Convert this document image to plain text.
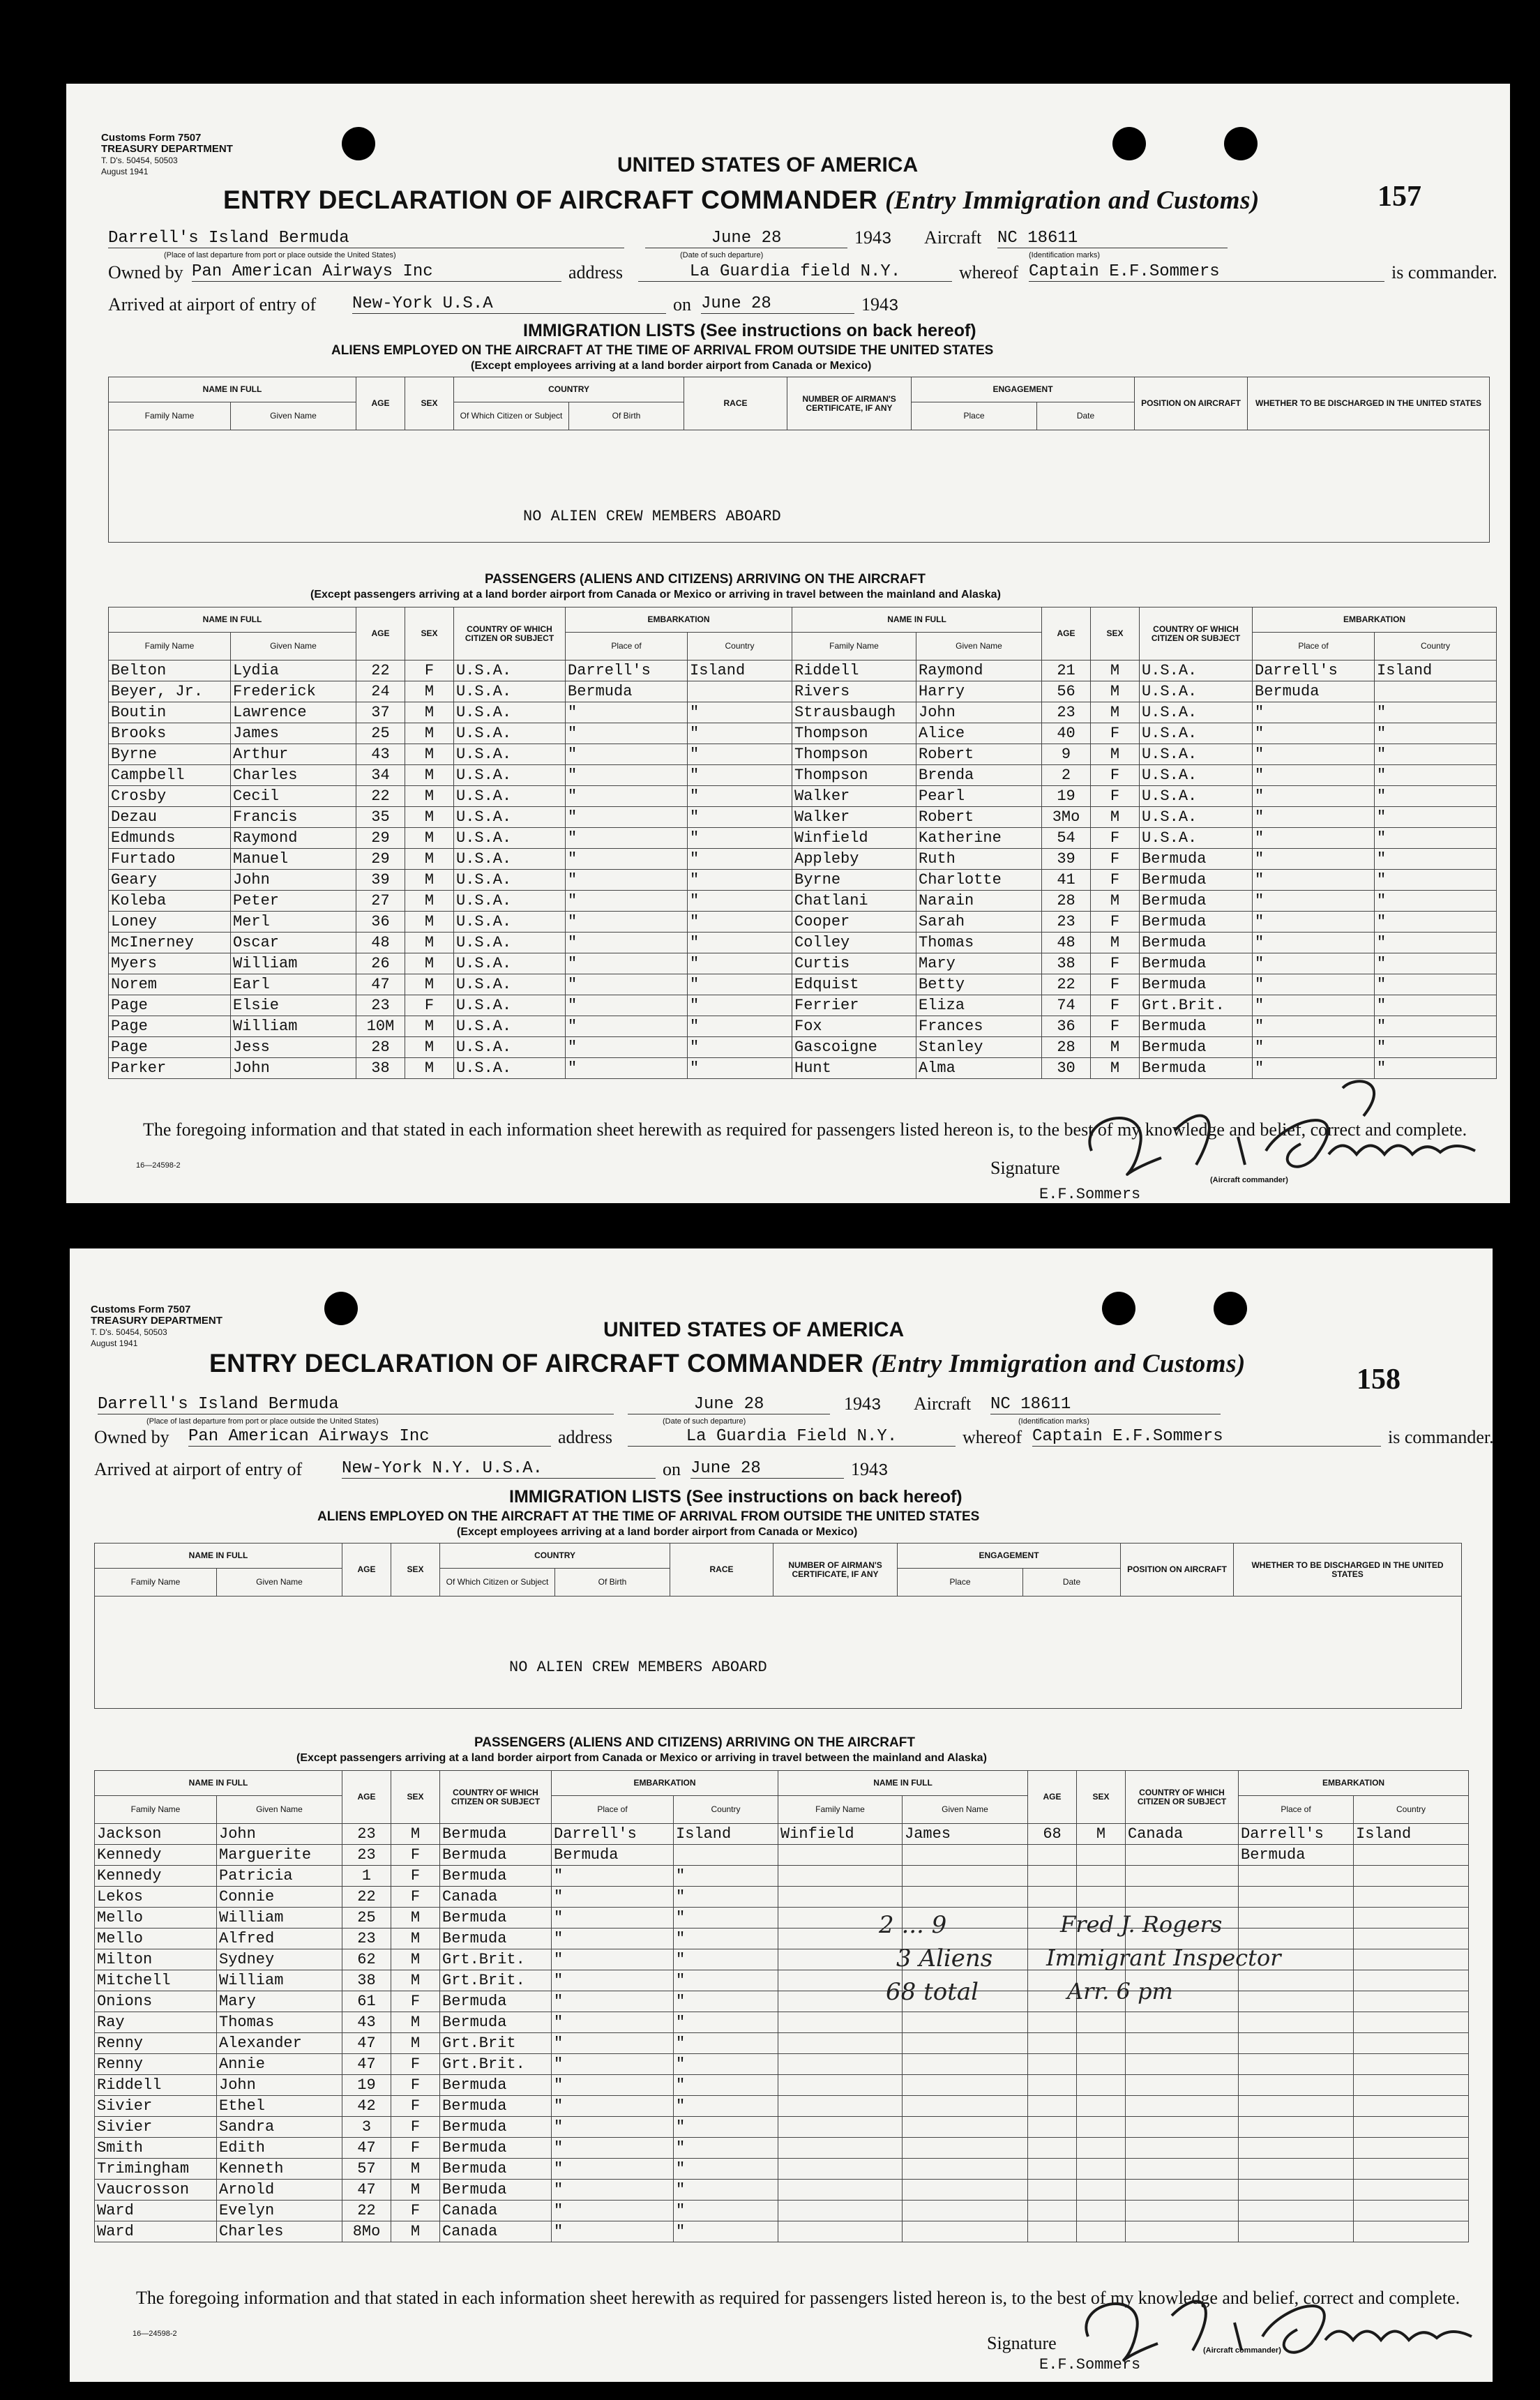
Customs Form 7507
TREASURY DEPARTMENT
T. D's. 50454, 50503
August 1941	UNITED STATES OF AMERICA
ENTRY DECLARATION OF AIRCRAFT COMMANDER (Entry Immigration and Customs)	157
Darrell's Island Bermuda
(Place of last departure from port or place outside the United States)
June 28
(Date of such departure)
1943 Aircraft NC 18611
(Identification marks)
Owned by Pan American Airways Inc	address	La Guardia field N.Y.	whereof Captain E.F.Sommers	is commander.
Arrived at airport of entry of New-York U.S.A	on June 28	1943
IMMIGRATION LISTS (See instructions on back hereof)
ALIENS EMPLOYED ON THE AIRCRAFT AT THE TIME OF ARRIVAL FROM OUTSIDE THE UNITED STATES
(Except employees arriving at a land border airport from Canada or Mexico)
NAME IN FULL		AGE	SEX	COUNTRY		RACE	NUMBER OF AIRMAN'S CERTIFICATE, IF ANY	ENGAGEMENT		POSITION ON AIRCRAFT	WHETHER TO BE DISCHARGED IN THE UNITED STATES
Family Name	Given Name			Of Which Citizen or Subject	Of Birth			Place	Date		

NO ALIEN CREW MEMBERS ABOARD
PASSENGERS (ALIENS AND CITIZENS) ARRIVING ON THE AIRCRAFT
(Except passengers arriving at a land border airport from Canada or Mexico or arriving in travel between the mainland and Alaska)
NAME IN FULL		AGE	SEX	COUNTRY OF WHICH CITIZEN OR SUBJECT	EMBARKATION		NAME IN FULL		AGE	SEX	COUNTRY OF WHICH CITIZEN OR SUBJECT	EMBARKATION	
Family Name	Given Name				Place of	Country	Family Name	Given Name				Place of	Country
Belton	Lydia	22	F	U.S.A.	Darrell's	Island	Riddell	Raymond	21	M	U.S.A.	Darrell's	Island
Beyer, Jr.	Frederick	24	M	U.S.A.	Bermuda		Rivers	Harry	56	M	U.S.A.	Bermuda	
Boutin	Lawrence	37	M	U.S.A.	"	"	Strausbaugh	John	23	M	U.S.A.	"	"
Brooks	James	25	M	U.S.A.	"	"	Thompson	Alice	40	F	U.S.A.	"	"
Byrne	Arthur	43	M	U.S.A.	"	"	Thompson	Robert	9	M	U.S.A.	"	"
Campbell	Charles	34	M	U.S.A.	"	"	Thompson	Brenda	2	F	U.S.A.	"	"
Crosby	Cecil	22	M	U.S.A.	"	"	Walker	Pearl	19	F	U.S.A.	"	"
Dezau	Francis	35	M	U.S.A.	"	"	Walker	Robert	3Mo	M	U.S.A.	"	"
Edmunds	Raymond	29	M	U.S.A.	"	"	Winfield	Katherine	54	F	U.S.A.	"	"
Furtado	Manuel	29	M	U.S.A.	"	"	Appleby	Ruth	39	F	Bermuda	"	"
Geary	John	39	M	U.S.A.	"	"	Byrne	Charlotte	41	F	Bermuda	"	"
Koleba	Peter	27	M	U.S.A.	"	"	Chatlani	Narain	28	M	Bermuda	"	"
Loney	Merl	36	M	U.S.A.	"	"	Cooper	Sarah	23	F	Bermuda	"	"
McInerney	Oscar	48	M	U.S.A.	"	"	Colley	Thomas	48	M	Bermuda	"	"
Myers	William	26	M	U.S.A.	"	"	Curtis	Mary	38	F	Bermuda	"	"
Norem	Earl	47	M	U.S.A.	"	"	Edquist	Betty	22	F	Bermuda	"	"
Page	Elsie	23	F	U.S.A.	"	"	Ferrier	Eliza	74	F	Grt.Brit.	"	"
Page	William	10M	M	U.S.A.	"	"	Fox	Frances	36	F	Bermuda	"	"
Page	Jess	28	M	U.S.A.	"	"	Gascoigne	Stanley	28	M	Bermuda	"	"
Parker	John	38	M	U.S.A.	"	"	Hunt	Alma	30	M	Bermuda	"	"
The foregoing information and that stated in each information sheet herewith as required for passengers listed hereon is, to the best of my knowledge and belief, correct and complete.
16—24598-2	Signature
E.F.Sommers
(Aircraft commander)
Customs Form 7507
TREASURY DEPARTMENT
T. D's. 50454, 50503
August 1941
UNITED STATES OF AMERICA
ENTRY DECLARATION OF AIRCRAFT COMMANDER (Entry Immigration and Customs)	158
Darrell's Island Bermuda
(Place of last departure from port or place outside the United States)
June 28
(Date of such departure)
1943 Aircraft NC 18611
(Identification marks)
Owned by Pan American Airways Inc	address	La Guardia Field N.Y.	whereof Captain E.F.Sommers	is commander.
Arrived at airport of entry of New-York N.Y. U.S.A.	on June 28	1943
IMMIGRATION LISTS (See instructions on back hereof)
ALIENS EMPLOYED ON THE AIRCRAFT AT THE TIME OF ARRIVAL FROM OUTSIDE THE UNITED STATES
(Except employees arriving at a land border airport from Canada or Mexico)
NAME IN FULL		AGE	SEX	COUNTRY		RACE	NUMBER OF AIRMAN'S CERTIFICATE, IF ANY	ENGAGEMENT		POSITION ON AIRCRAFT	WHETHER TO BE DISCHARGED IN THE UNITED STATES
Family Name	Given Name			Of Which Citizen or Subject	Of Birth			Place	Date		

NO ALIEN CREW MEMBERS ABOARD
PASSENGERS (ALIENS AND CITIZENS) ARRIVING ON THE AIRCRAFT
(Except passengers arriving at a land border airport from Canada or Mexico or arriving in travel between the mainland and Alaska)
NAME IN FULL		AGE	SEX	COUNTRY OF WHICH CITIZEN OR SUBJECT	EMBARKATION		NAME IN FULL		AGE	SEX	COUNTRY OF WHICH CITIZEN OR SUBJECT	EMBARKATION	
Family Name	Given Name				Place of	Country	Family Name	Given Name				Place of	Country
Jackson	John	23	M	Bermuda	Darrell's	Island	Winfield	James	68	M	Canada	Darrell's	Island
Kennedy	Marguerite	23	F	Bermuda	Bermuda							Bermuda	
Kennedy	Patricia	1	F	Bermuda	"	"							
Lekos	Connie	22	F	Canada	"	"							
Mello	William	25	M	Bermuda	"	"							
Mello	Alfred	23	M	Bermuda	"	"							
Milton	Sydney	62	M	Grt.Brit.	"	"							
Mitchell	William	38	M	Grt.Brit.	"	"							
Onions	Mary	61	F	Bermuda	"	"							
Ray	Thomas	43	M	Bermuda	"	"							
Renny	Alexander	47	M	Grt.Brit	"	"							
Renny	Annie	47	F	Grt.Brit.	"	"							
Riddell	John	19	F	Bermuda	"	"							
Sivier	Ethel	42	F	Bermuda	"	"							
Sivier	Sandra	3	F	Bermuda	"	"							
Smith	Edith	47	F	Bermuda	"	"							
Trimingham	Kenneth	57	M	Bermuda	"	"							
Vaucrosson	Arnold	47	M	Bermuda	"	"							
Ward	Evelyn	22	F	Canada	"	"							
Ward	Charles	8Mo	M	Canada	"	"							
2 ... 9
3 Aliens
68 total
Fred J. Rogers
Immigrant Inspector
Arr. 6 pm
The foregoing information and that stated in each information sheet herewith as required for passengers listed hereon is, to the best of my knowledge and belief, correct and complete.
16—24598-2	Signature
E.F.Sommers
(Aircraft commander)
